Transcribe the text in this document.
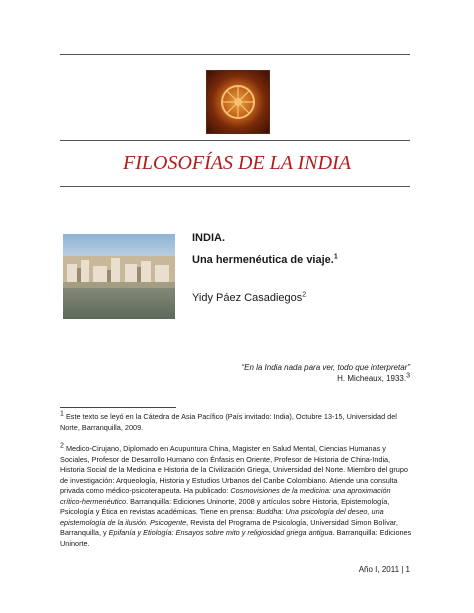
FILOSOFÍAS DE LA INDIA
INDIA.
Una hermenéutica de viaje.$^1$
Yidy Páez Casadiegos$^2$
“En la India nada para ver, todo que interpretar”
H. Micheaux, 1933.$^3$
$^1$ Este texto se leyó en la Cátedra de Asia Pacífico (País invitado: India), Octubre 13-15, Universidad del Norte, Barranquilla, 2009.
$^2$ Medico-Cirujano, Diplomado en Acupuntura China, Magister en Salud Mental, Ciencias Humanas y Sociales, Profesor de Desarrollo Humano con Énfasis en Oriente, Profesor de Historia de China-India, Historia Social de la Medicina e Historia de la Civilización Griega, Universidad del Norte. Miembro del grupo de investigación: Arqueología, Historia y Estudios Urbanos del Caribe Colombiano. Atiende una consulta privada como médico-psicoterapeuta. Ha publicado: Cosmovisiones de la medicina: una aproximación crítico-hermenéutico. Barranquilla: Ediciones Uninorte, 2008 y artículos sobre Historia, Epistemología, Psicología y Ética en revistas académicas. Tiene en prensa: Buddha: Una psicología del deseo, una epistemología de la ilusión. Psicogente, Revista del Programa de Psicología, Universidad Simon Bolívar, Barranquilla, y Epifanía y Etiología: Ensayos sobre mito y religiosidad griega antigua. Barranquilla: Ediciones Uninorte.
Año I, 2011 | 1
